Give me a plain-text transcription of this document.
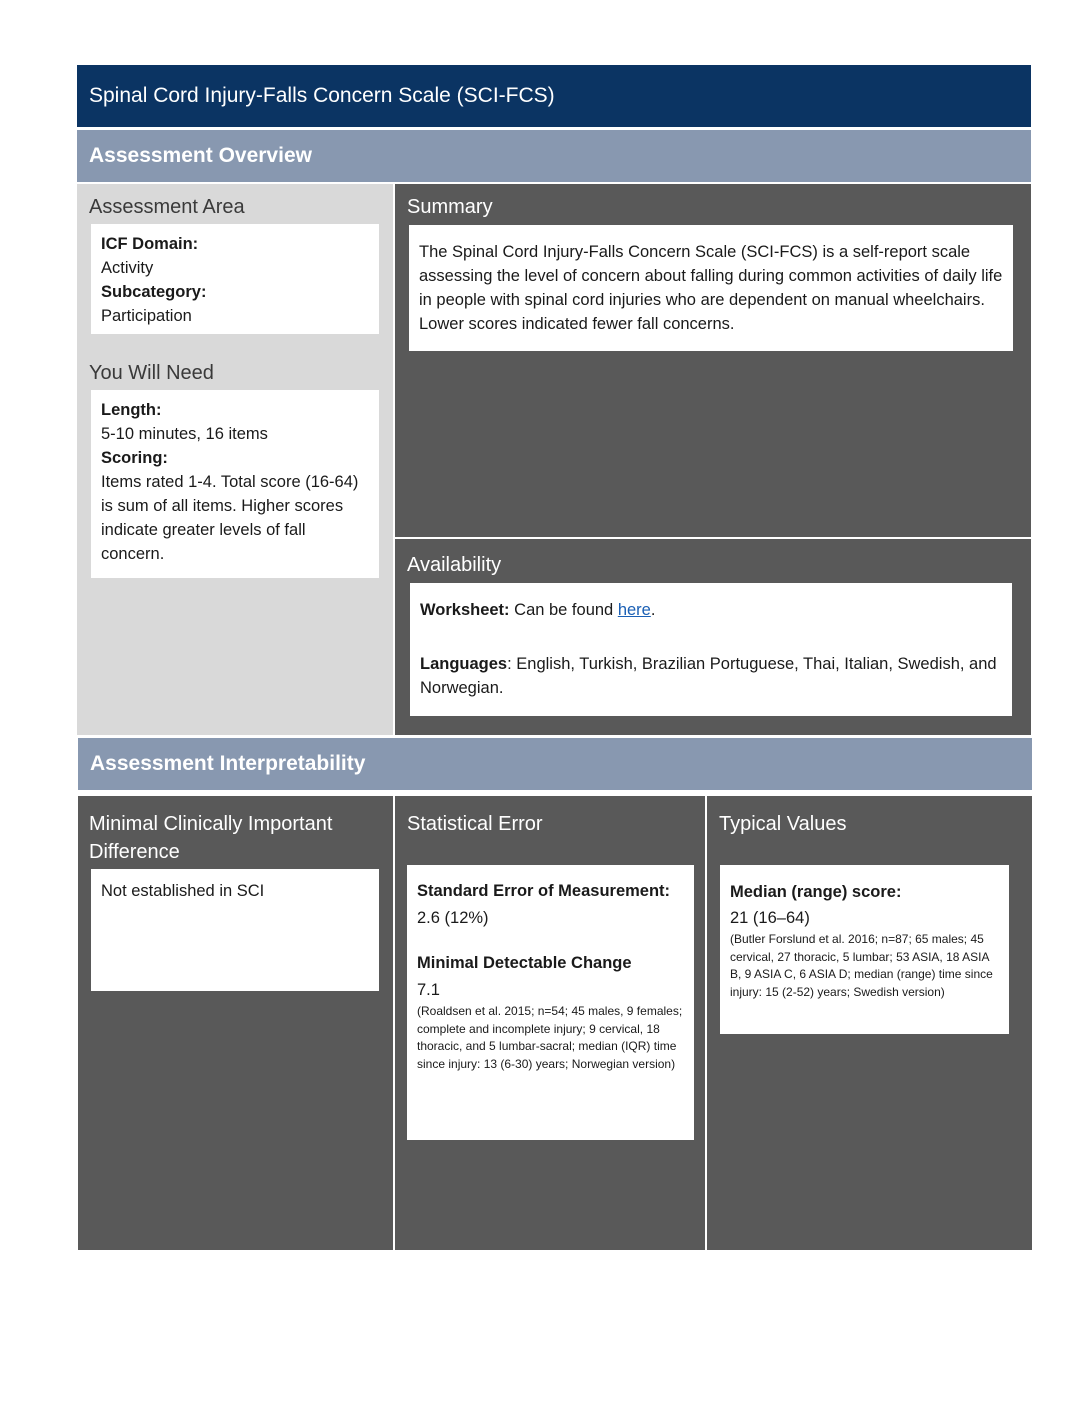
Spinal Cord Injury-Falls Concern Scale (SCI-FCS)
Assessment Overview
Assessment Area
ICF Domain:
Activity
Subcategory:
Participation
You Will Need
Length:
5-10 minutes, 16 items
Scoring:
Items rated 1-4. Total score (16-64) is sum of all items. Higher scores indicate greater levels of fall concern.
Summary
The Spinal Cord Injury-Falls Concern Scale (SCI-FCS) is a self-report scale assessing the level of concern about falling during common activities of daily life in people with spinal cord injuries who are dependent on manual wheelchairs. Lower scores indicated fewer fall concerns.
Availability
Worksheet: Can be found here.
Languages: English, Turkish, Brazilian Portuguese, Thai, Italian, Swedish, and Norwegian.
Assessment Interpretability
Minimal Clinically Important Difference
Not established in SCI
Statistical Error
Standard Error of Measurement:
2.6 (12%)
Minimal Detectable Change
7.1
(Roaldsen et al. 2015; n=54; 45 males, 9 females; complete and incomplete injury; 9 cervical, 18 thoracic, and 5 lumbar-sacral; median (IQR) time since injury: 13 (6-30) years; Norwegian version)
Typical Values
Median (range) score:
21 (16–64)
(Butler Forslund et al. 2016; n=87; 65 males; 45 cervical, 27 thoracic, 5 lumbar; 53 ASIA, 18 ASIA B, 9 ASIA C, 6 ASIA D; median (range) time since injury: 15 (2-52) years; Swedish version)
